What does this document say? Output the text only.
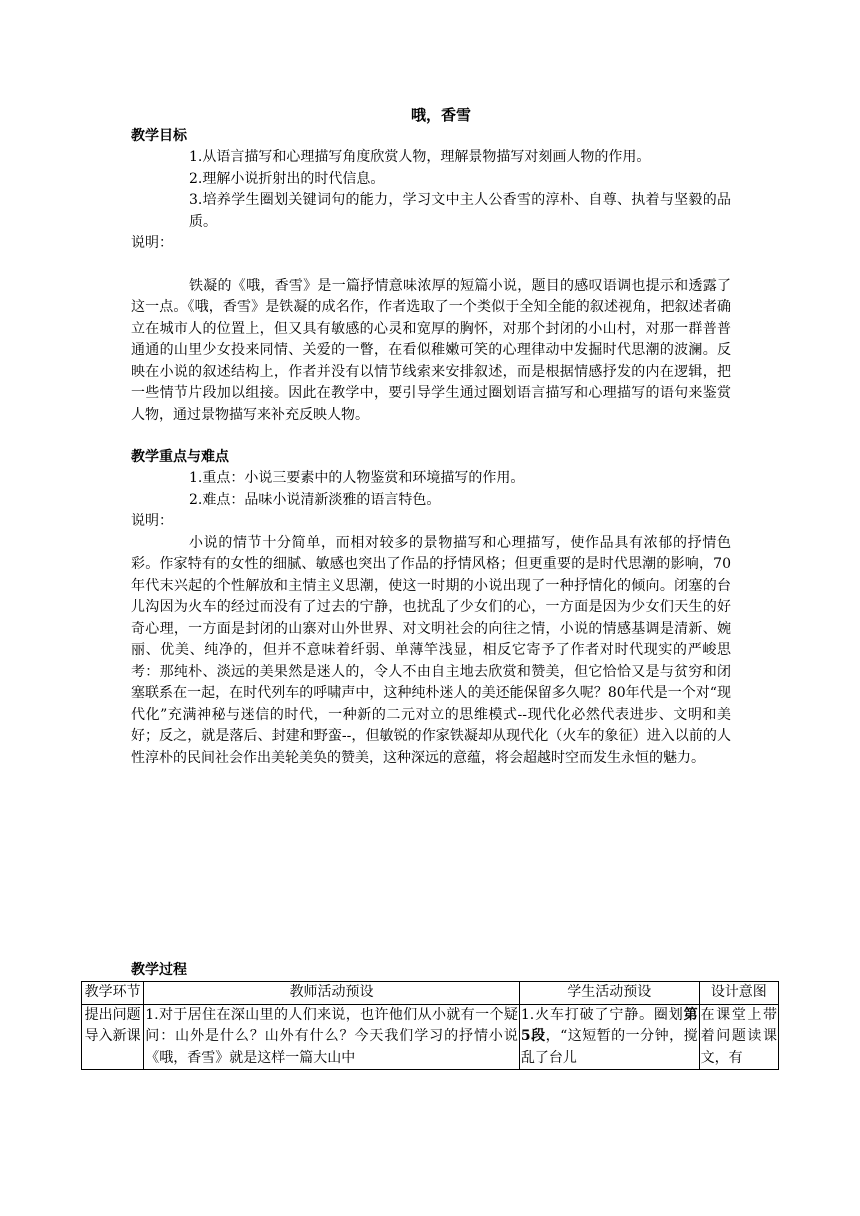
哦，香雪

教学目标

1.从语言描写和心理描写角度欣赏人物，理解景物描写对刻画人物的作用。

2.理解小说折射出的时代信息。

3.培养学生圈划关键词句的能力，学习文中主人公香雪的淳朴、自尊、执着与坚毅的品质。

说明：

铁凝的《哦，香雪》是一篇抒情意味浓厚的短篇小说，题目的感叹语调也提示和透露了这一点。《哦，香雪》是铁凝的成名作，作者选取了一个类似于全知全能的叙述视角，把叙述者确立在城市人的位置上，但又具有敏感的心灵和宽厚的胸怀，对那个封闭的小山村，对那一群普普通通的山里少女投来同情、关爱的一瞥，在看似稚嫩可笑的心理律动中发掘时代思潮的波澜。反映在小说的叙述结构上，作者并没有以情节线索来安排叙述，而是根据情感抒发的内在逻辑，把一些情节片段加以组接。因此在教学中，要引导学生通过圈划语言描写和心理描写的语句来鉴赏人物，通过景物描写来补充反映人物。

教学重点与难点

1.重点：小说三要素中的人物鉴赏和环境描写的作用。

2.难点：品味小说清新淡雅的语言特色。

说明：

小说的情节十分简单，而相对较多的景物描写和心理描写，使作品具有浓郁的抒情色彩。作家特有的女性的细腻、敏感也突出了作品的抒情风格；但更重要的是时代思潮的影响，70年代末兴起的个性解放和主情主义思潮，使这一时期的小说出现了一种抒情化的倾向。闭塞的台儿沟因为火车的经过而没有了过去的宁静，也扰乱了少女们的心，一方面是因为少女们天生的好奇心理，一方面是封闭的山寨对山外世界、对文明社会的向往之情，小说的情感基调是清新、婉丽、优美、纯净的，但并不意味着纤弱、单薄竿浅显，相反它寄予了作者对时代现实的严峻思考：那纯朴、淡远的美果然是迷人的，令人不由自主地去欣赏和赞美，但它恰恰又是与贫穷和闭塞联系在一起，在时代列车的呼啸声中，这种纯朴迷人的美还能保留多久呢？80年代是一个对“现代化”充满神秘与迷信的时代，一种新的二元对立的思维模式--现代化必然代表进步、文明和美好；反之，就是落后、封建和野蛮--，但敏锐的作家铁凝却从现代化（火车的象征）进入以前的人性淳朴的民间社会作出美轮美奂的赞美，这种深远的意蕴，将会超越时空而发生永恒的魅力。

教学过程

教学环节	教师活动预设	学生活动预设	设计意图

提出问题导入新课	1.对于居住在深山里的人们来说，也许他们从小就有一个疑问：山外是什么？山外有什么？今天我们学习的抒情小说《哦，香雪》就是这样一篇大山中	1.火车打破了宁静。圈划第5段，“这短暂的一分钟，搅乱了台儿	在课堂上带着问题读课文，有
